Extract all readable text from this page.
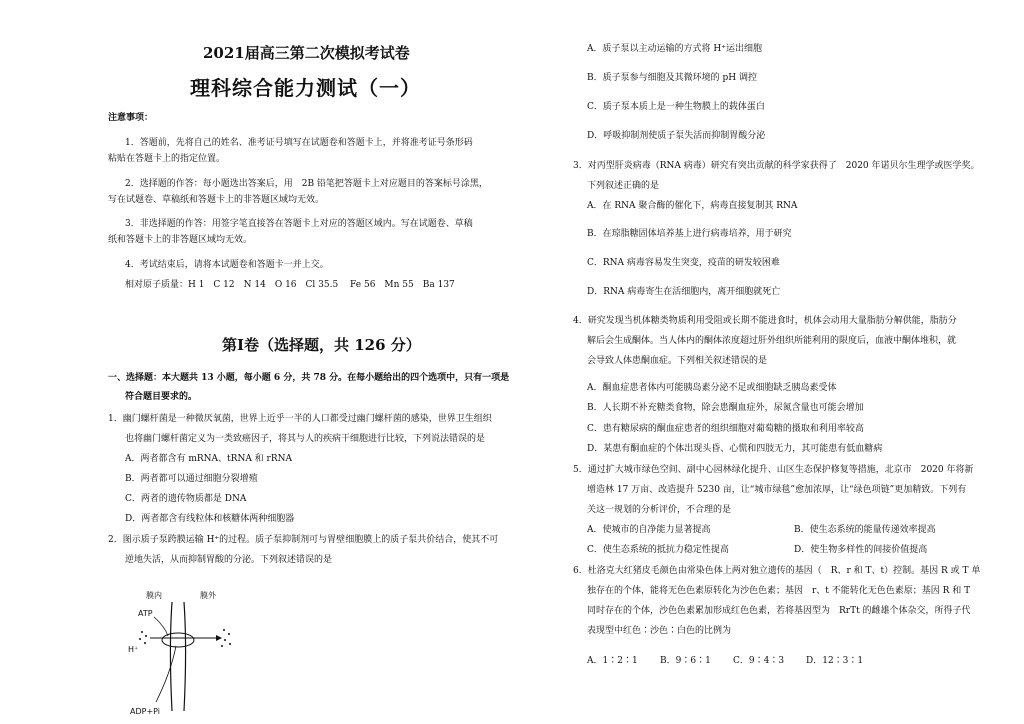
2021届高三第二次模拟考试卷
理科综合能力测试（一）
注意事项：
1．答题前，先将自己的姓名、准考证号填写在试题卷和答题卡上，并将准考证号条形码
粘贴在答题卡上的指定位置。
2．选择题的作答：每小题选出答案后，用　2B 铅笔把答题卡上对应题目的答案标号涂黑，
写在试题卷、草稿纸和答题卡上的非答题区域均无效。
3．非选择题的作答：用签字笔直接答在答题卡上对应的答题区域内。写在试题卷、草稿
纸和答题卡上的非答题区域均无效。
4．考试结束后，请将本试题卷和答题卡一并上交。
相对原子质量：H 1　C 12　N 14　O 16　Cl 35.5　 Fe 56　Mn 55　Ba 137
第Ⅰ卷（选择题，共 126 分）
一、选择题：本大题共 13 小题，每小题 6 分，共 78 分。在每小题给出的四个选项中，只有一项是
符合题目要求的。
1．幽门螺杆菌是一种微厌氧菌，世界上近乎一半的人口都受过幽门螺杆菌的感染，世界卫生组织
也将幽门螺杆菌定义为一类致癌因子，将其与人的疾病干细胞进行比较，下列说法错误的是
A．两者都含有 mRNA、tRNA 和 rRNA
B．两者都可以通过细胞分裂增殖
C．两者的遗传物质都是 DNA
D．两者都含有线粒体和核糖体两种细胞器
2．图示质子泵跨膜运输 H⁺的过程。质子泵抑制剂可与胃壁细胞膜上的质子泵共价结合，使其不可
逆地失活，从而抑制胃酸的分泌。下列叙述错误的是
膜内	膜外
ATP
H⁺
ADP+Pi
A．质子泵以主动运输的方式将 H⁺运出细胞
B．质子泵参与细胞及其微环境的 pH 调控
C．质子泵本质上是一种生物膜上的载体蛋白
D．呼吸抑制剂使质子泵失活而抑制胃酸分泌
3．对丙型肝炎病毒（RNA 病毒）研究有突出贡献的科学家获得了　2020 年诺贝尔生理学或医学奖。
下列叙述正确的是
A．在 RNA 聚合酶的催化下，病毒直接复制其 RNA
B．在琼脂糖固体培养基上进行病毒培养，用于研究
C．RNA 病毒容易发生突变，疫苗的研发较困难
D．RNA 病毒寄生在活细胞内，离开细胞就死亡
4．研究发现当机体糖类物质利用受阻或长期不能进食时，机体会动用大量脂肪分解供能，脂肪分
解后会生成酮体。当人体内的酮体浓度超过肝外组织所能利用的限度后，血液中酮体堆积，就
会导致人体患酮血症。下列相关叙述错误的是
A．酮血症患者体内可能胰岛素分泌不足或细胞缺乏胰岛素受体
B．人长期不补充糖类食物，除会患酮血症外，尿氮含量也可能会增加
C．患有糖尿病的酮血症患者的组织细胞对葡萄糖的摄取和利用率较高
D．某患有酮血症的个体出现头昏、心慌和四肢无力，其可能患有低血糖病
5．通过扩大城市绿色空间、副中心园林绿化提升、山区生态保护修复等措施，北京市　2020 年将新
增造林 17 万亩、改造提升 5230 亩，让“城市绿毯”愈加浓厚，让“绿色项链”更加精致。下列有
关这一规划的分析评价，不合理的是
A．使城市的自净能力显著提高	B．使生态系统的能量传递效率提高
C．使生态系统的抵抗力稳定性提高	D．使生物多样性的间接价值提高
6．杜洛克大红猪皮毛颜色由常染色体上两对独立遗传的基因（　R、r 和 T、t）控制。基因 R 或 T 单
独存在的个体，能将无色色素原转化为沙色色素；基因　r、t 不能转化无色色素原；基因 R 和 T
同时存在的个体，沙色色素累加形成红色色素，若将基因型为　RrTt 的雌雄个体杂交，所得子代
表现型中红色∶沙色∶白色的比例为
A．1∶2∶1 B．9∶6∶1 C．9∶4∶3 D．12∶3∶1
